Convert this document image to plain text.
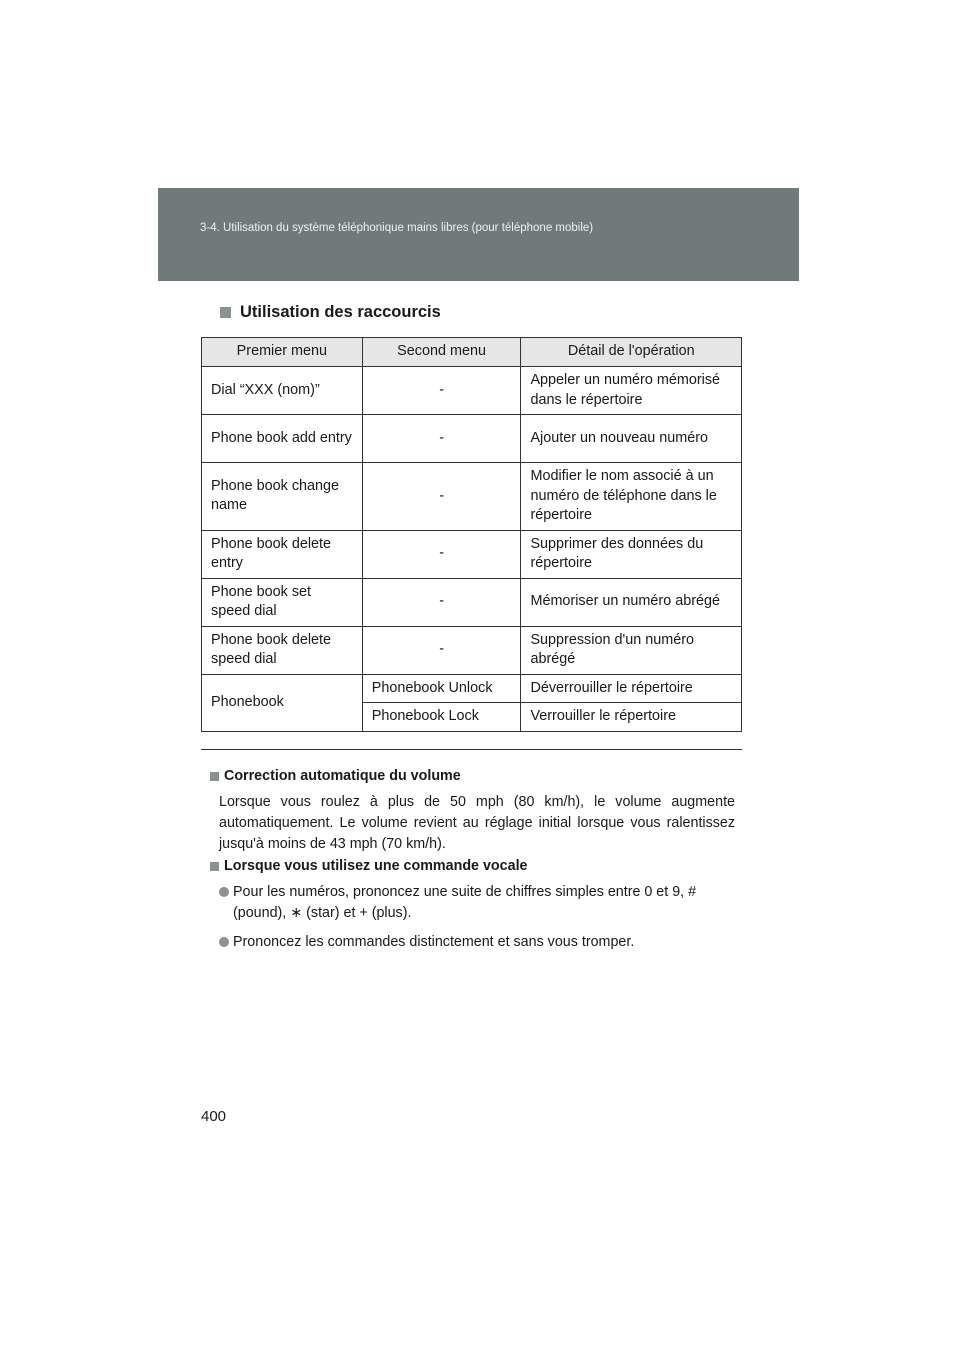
3-4. Utilisation du système téléphonique mains libres (pour téléphone mobile)
Utilisation des raccourcis
Premier menu	Second menu	Détail de l'opération
Dial “XXX (nom)”	-	Appeler un numéro mémorisé dans le répertoire
Phone book add entry	-	Ajouter un nouveau numéro
Phone book change name	-	Modifier le nom associé à un numéro de téléphone dans le répertoire
Phone book delete entry	-	Supprimer des données du répertoire
Phone book set speed dial	-	Mémoriser un numéro abrégé
Phone book delete speed dial	-	Suppression d'un numéro abrégé
Phonebook	Phonebook Unlock	Déverrouiller le répertoire
	Phonebook Lock	Verrouiller le répertoire
Correction automatique du volume
Lorsque vous roulez à plus de 50 mph (80 km/h), le volume augmente automatiquement. Le volume revient au réglage initial lorsque vous ralentissez jusqu'à moins de 43 mph (70 km/h).
Lorsque vous utilisez une commande vocale
Pour les numéros, prononcez une suite de chiffres simples entre 0 et 9, # (pound), ∗ (star) et + (plus).
Prononcez les commandes distinctement et sans vous tromper.
400
